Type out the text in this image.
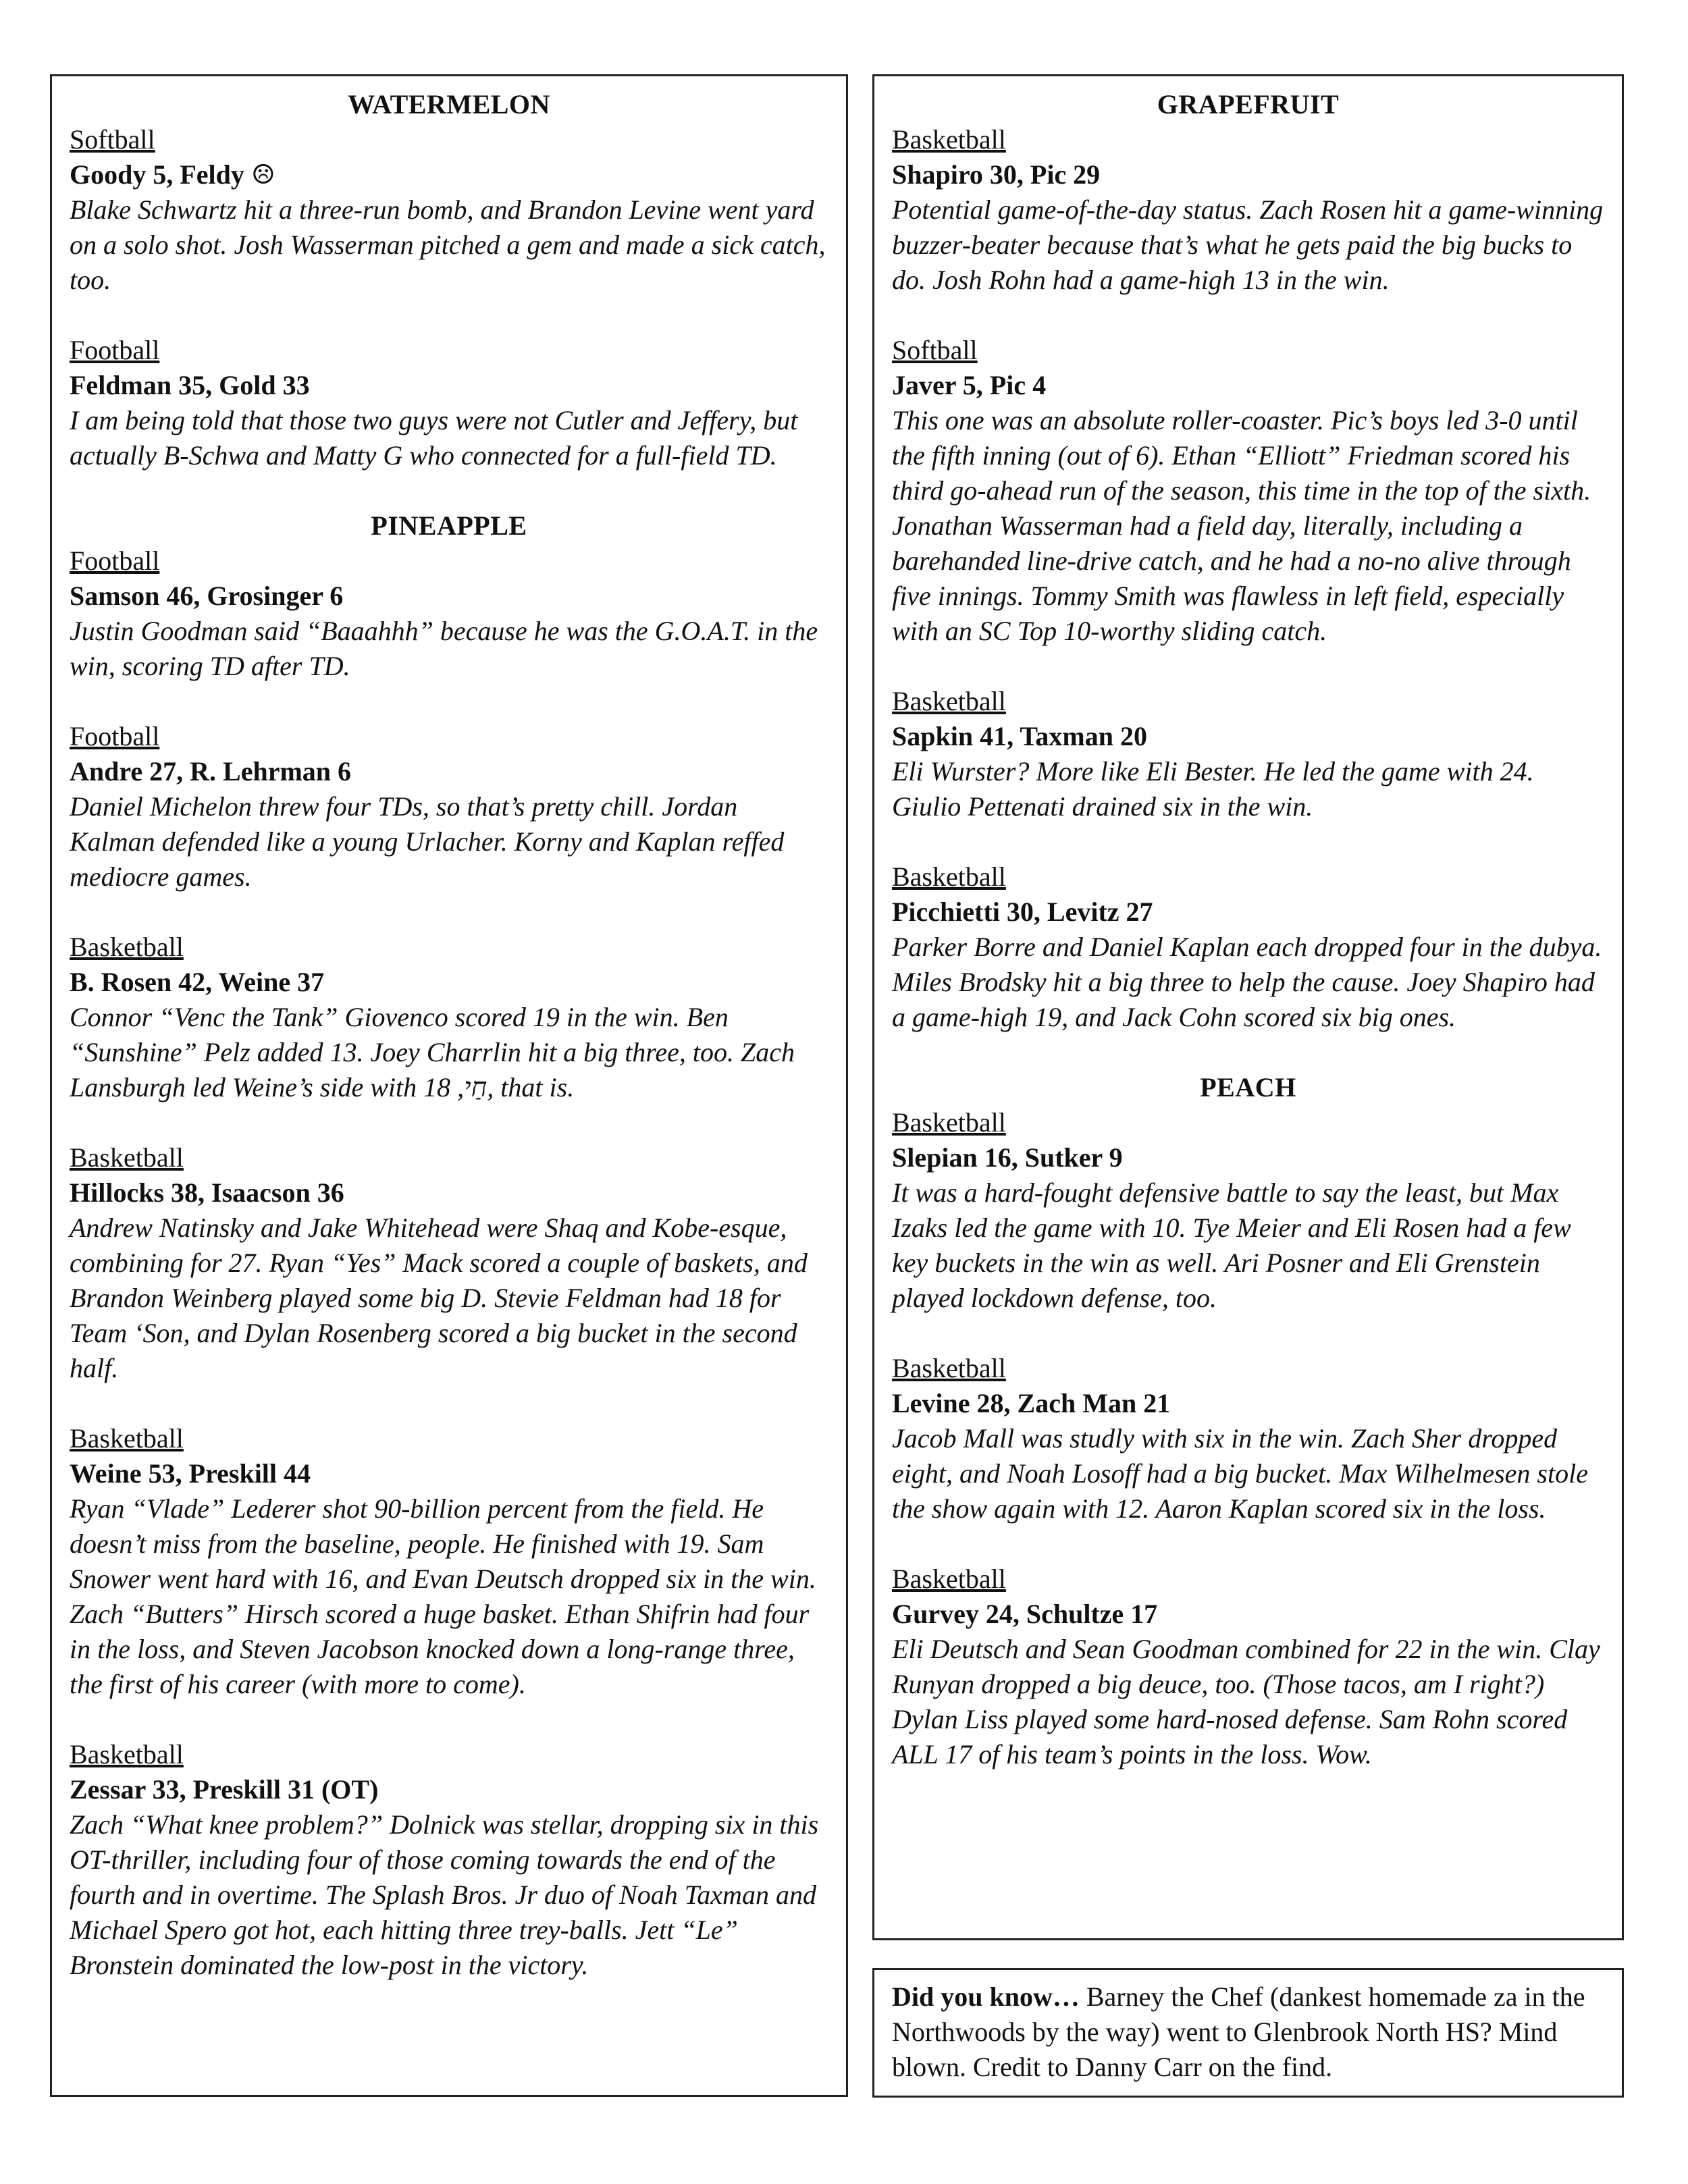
WATERMELON

Softball

Goody 5, Feldy ☹

Blake Schwartz hit a three-run bomb, and Brandon Levine went yard on a solo shot. Josh Wasserman pitched a gem and made a sick catch, too.

Football

Feldman 35, Gold 33

I am being told that those two guys were not Cutler and Jeffery, but actually B-Schwa and Matty G who connected for a full-field TD.

PINEAPPLE

Football

Samson 46, Grosinger 6

Justin Goodman said “Baaahhh” because he was the G.O.A.T. in the win, scoring TD after TD.

Football

Andre 27, R. Lehrman 6

Daniel Michelon threw four TDs, so that’s pretty chill. Jordan Kalman defended like a young Urlacher. Korny and Kaplan reffed mediocre games.

Basketball

B. Rosen 42, Weine 37

Connor “Venc the Tank” Giovenco scored 19 in the win. Ben “Sunshine” Pelz added 13. Joey Charrlin hit a big three, too. Zach Lansburgh led Weine’s side with חַי, 18, that is.

Basketball

Hillocks 38, Isaacson 36

Andrew Natinsky and Jake Whitehead were Shaq and Kobe-esque, combining for 27. Ryan “Yes” Mack scored a couple of baskets, and Brandon Weinberg played some big D. Stevie Feldman had 18 for Team ‘Son, and Dylan Rosenberg scored a big bucket in the second half.

Basketball

Weine 53, Preskill 44

Ryan “Vlade” Lederer shot 90-billion percent from the field. He doesn’t miss from the baseline, people. He finished with 19. Sam Snower went hard with 16, and Evan Deutsch dropped six in the win. Zach “Butters” Hirsch scored a huge basket. Ethan Shifrin had four in the loss, and Steven Jacobson knocked down a long-range three, the first of his career (with more to come).

Basketball

Zessar 33, Preskill 31 (OT)

Zach “What knee problem?” Dolnick was stellar, dropping six in this OT-thriller, including four of those coming towards the end of the fourth and in overtime. The Splash Bros. Jr duo of Noah Taxman and Michael Spero got hot, each hitting three trey-balls. Jett “Le” Bronstein dominated the low-post in the victory.

GRAPEFRUIT

Basketball

Shapiro 30, Pic 29

Potential game-of-the-day status. Zach Rosen hit a game-winning buzzer-beater because that’s what he gets paid the big bucks to do. Josh Rohn had a game-high 13 in the win.

Softball

Javer 5, Pic 4

This one was an absolute roller-coaster. Pic’s boys led 3-0 until the fifth inning (out of 6). Ethan “Elliott” Friedman scored his third go-ahead run of the season, this time in the top of the sixth. Jonathan Wasserman had a field day, literally, including a barehanded line-drive catch, and he had a no-no alive through five innings. Tommy Smith was flawless in left field, especially with an SC Top 10-worthy sliding catch.

Basketball

Sapkin 41, Taxman 20

Eli Wurster? More like Eli Bester. He led the game with 24. Giulio Pettenati drained six in the win.

Basketball

Picchietti 30, Levitz 27

Parker Borre and Daniel Kaplan each dropped four in the dubya. Miles Brodsky hit a big three to help the cause. Joey Shapiro had a game-high 19, and Jack Cohn scored six big ones.

PEACH

Basketball

Slepian 16, Sutker 9

It was a hard-fought defensive battle to say the least, but Max Izaks led the game with 10. Tye Meier and Eli Rosen had a few key buckets in the win as well. Ari Posner and Eli Grenstein played lockdown defense, too.

Basketball

Levine 28, Zach Man 21

Jacob Mall was studly with six in the win. Zach Sher dropped eight, and Noah Losoff had a big bucket. Max Wilhelmesen stole the show again with 12. Aaron Kaplan scored six in the loss.

Basketball

Gurvey 24, Schultze 17

Eli Deutsch and Sean Goodman combined for 22 in the win. Clay Runyan dropped a big deuce, too. (Those tacos, am I right?) Dylan Liss played some hard-nosed defense. Sam Rohn scored ALL 17 of his team’s points in the loss. Wow.

Did you know… Barney the Chef (dankest homemade za in the Northwoods by the way) went to Glenbrook North HS? Mind blown. Credit to Danny Carr on the find.
